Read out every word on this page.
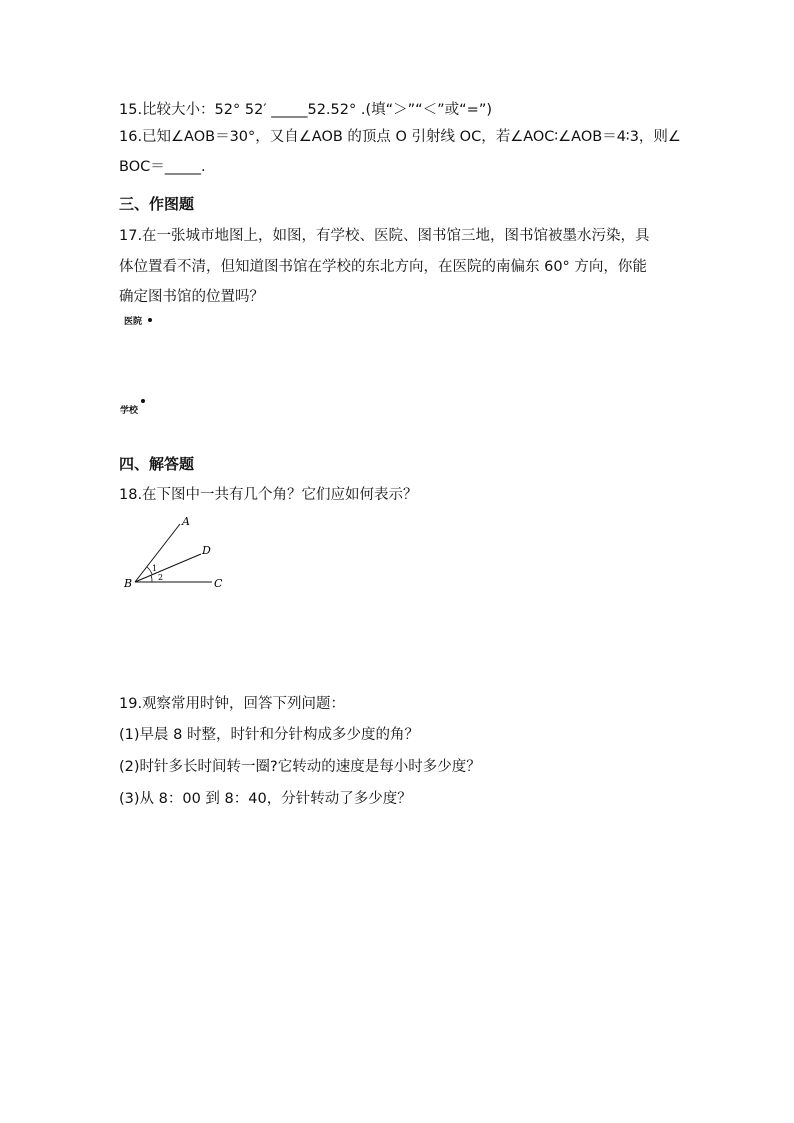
15.比较大小：52° 52′ _____52.52° .(填“＞”“＜”或“=”)
16.已知∠AOB＝30°，又自∠AOB 的顶点 O 引射线 OC，若∠AOC∶∠AOB＝4∶3，则∠
BOC＝_____.
三、作图题
17.在一张城市地图上，如图，有学校、医院、图书馆三地，图书馆被墨水污染，具
体位置看不清，但知道图书馆在学校的东北方向，在医院的南偏东 60° 方向，你能
确定图书馆的位置吗？
医院
学校
四、解答题
18.在下图中一共有几个角？它们应如何表示？
A
D
B	C
1
2
19.观察常用时钟，回答下列问题：
(1)早晨 8 时整，时针和分针构成多少度的角？
(2)时针多长时间转一圈?它转动的速度是每小时多少度？
(3)从 8：00 到 8：40，分针转动了多少度？
